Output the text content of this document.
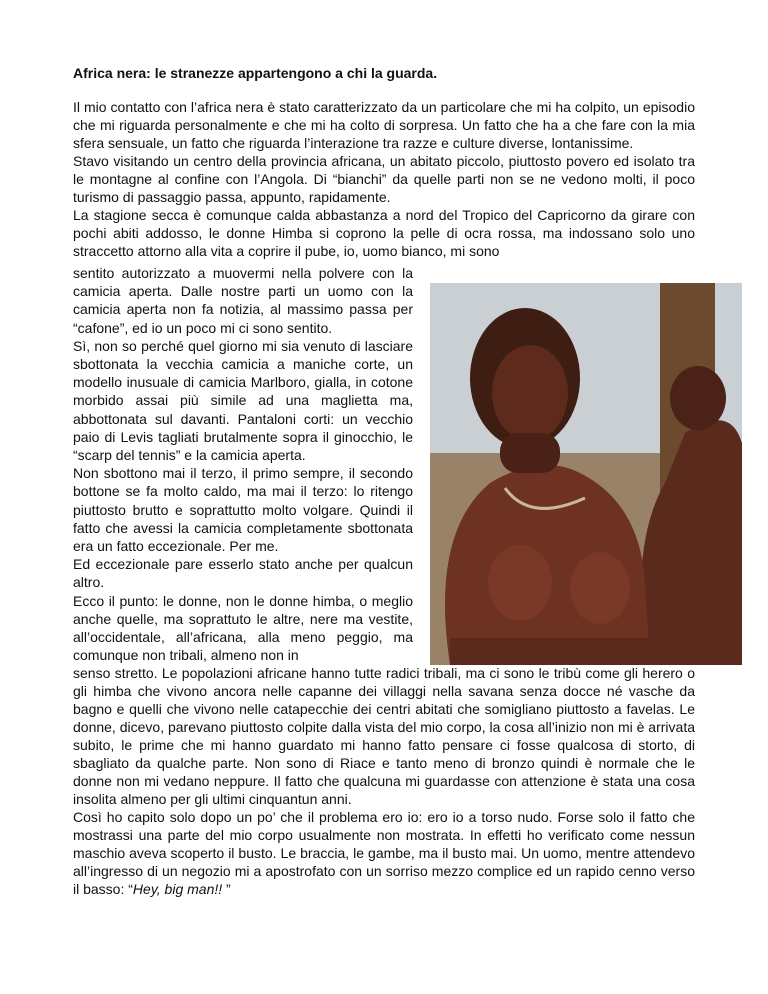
Africa nera: le stranezze appartengono a chi la guarda.

Il mio contatto con l’africa nera è stato caratterizzato da un particolare che mi ha colpito, un episodio che mi riguarda personalmente e che mi ha colto di sorpresa. Un fatto che ha a che fare con la mia sfera sensuale, un fatto che riguarda l’interazione tra razze e culture diverse, lontanissime.

Stavo visitando un centro della provincia africana, un abitato piccolo, piuttosto povero ed isolato tra le montagne al confine con l’Angola. Di “bianchi” da quelle parti non se ne vedono molti, il poco turismo di passaggio passa, appunto, rapidamente.

La stagione secca è comunque calda abbastanza a nord del Tropico del Capricorno da girare con pochi abiti addosso, le donne Himba si coprono la pelle di ocra rossa, ma indossano solo uno straccetto attorno alla vita a coprire il pube, io, uomo bianco, mi sono

sentito autorizzato a muovermi nella polvere con la camicia aperta. Dalle nostre parti un uomo con la camicia aperta non fa notizia, al massimo passa per “cafone”, ed io un poco mi ci sono sentito.

Sì, non so perché quel giorno mi sia venuto di lasciare sbottonata la vecchia camicia a maniche corte, un modello inusuale di camicia Marlboro, gialla, in cotone morbido assai più simile ad una maglietta ma, abbottonata sul davanti. Pantaloni corti: un vecchio paio di Levis tagliati brutalmente sopra il ginocchio, le “scarp del tennis” e la camicia aperta.

Non sbottono mai il terzo, il primo sempre, il secondo bottone se fa molto caldo, ma mai il terzo: lo ritengo piuttosto brutto e soprattutto molto volgare. Quindi il fatto che avessi la camicia completamente sbottonata era un fatto eccezionale. Per me.

Ed eccezionale pare esserlo stato anche per qualcun altro.

Ecco il punto: le donne, non le donne himba, o meglio anche quelle, ma soprattuto le altre, nere ma vestite, all’occidentale, all’africana, alla meno peggio, ma comunque non tribali, almeno non in

senso stretto. Le popolazioni africane hanno tutte radici tribali, ma ci sono le tribù come gli herero o gli himba che vivono ancora nelle capanne dei villaggi nella savana senza docce né vasche da bagno e quelli che vivono nelle catapecchie dei centri abitati che somigliano piuttosto a favelas. Le donne, dicevo, parevano piuttosto colpite dalla vista del mio corpo, la cosa all’inizio non mi è arrivata subito, le prime che mi hanno guardato mi hanno fatto pensare ci fosse qualcosa di storto, di sbagliato da qualche parte. Non sono di Riace e tanto meno di bronzo quindi è normale che le donne non mi vedano neppure. Il fatto che qualcuna mi guardasse con attenzione è stata una cosa insolita almeno per gli ultimi cinquantun anni.

Così ho capito solo dopo un po’ che il problema ero io: ero io a torso nudo. Forse solo il fatto che mostrassi una parte del mio corpo usualmente non mostrata. In effetti ho verificato come nessun maschio aveva scoperto il busto. Le braccia, le gambe, ma il busto mai. Un uomo, mentre attendevo all’ingresso di un negozio mi a apostrofato con un sorriso mezzo complice ed un rapido cenno verso il basso: “Hey, big man!! ”
